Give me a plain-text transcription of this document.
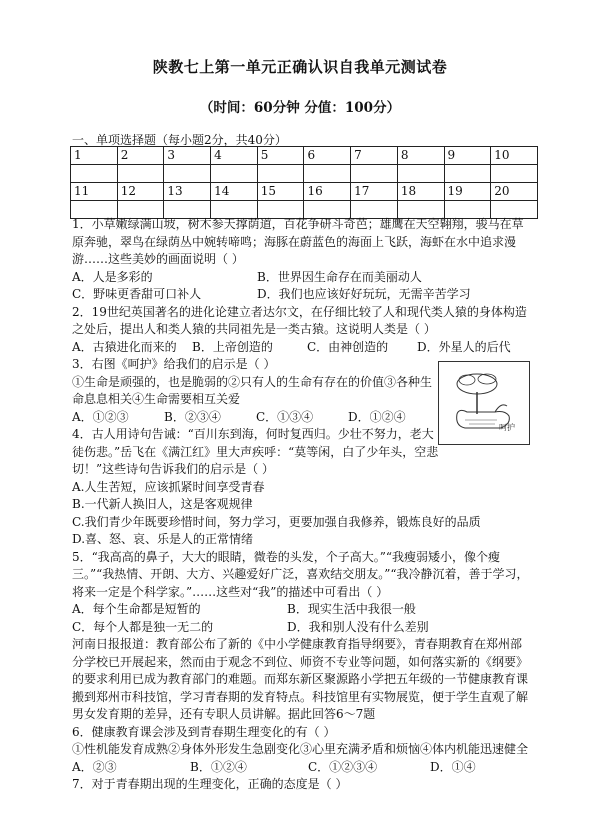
陕教七上第一单元正确认识自我单元测试卷
（时间：60分钟 分值：100分）
一、单项选择题（每小题2分，共40分）
1	2	3	4	5	6	7	8	9	10

11	12	13	14	15	16	17	18	19	20

1．小草嫩绿满山坡，树木参天撑荫道，百花争研斗奇芭；雄鹰在天空翱翔，骏马在草原奔驰，翠鸟在绿荫丛中婉转啼鸣；海豚在蔚蓝色的海面上飞跃，海虾在水中追求漫游……这些美妙的画面说明（ ）

A．人是多彩的	B．世界因生命存在而美丽动人
C．野味更香甜可口补人	D．我们也应该好好玩玩，无需辛苦学习

2．19世纪英国著名的进化论建立者达尔文，在仔细比较了人和现代类人猿的身体构造之处后，提出人和类人猿的共同祖先是一类古猿。这说明人类是（ ）

A．古猿进化而来的	B．上帝创造的	C．由神创造的	D．外星人的后代

3．右图《呵护》给我们的启示是（ ）

①生命是顽强的，也是脆弱的②只有人的生命有存在的价值③各种生命息息相关④生命需要相互关爱

A．①②③	B．②③④	C．①③④	D．①②④

4．古人用诗句告诫：“百川东到海，何时复西归。少壮不努力，老大徒伤悲。”岳飞在《满江红》里大声疾呼：“莫等闲，白了少年头，空悲切！”这些诗句告诉我们的启示是（ ）

呵护

A.人生苦短，应该抓紧时间享受青春

B.一代新人换旧人，这是客观规律

C.我们青少年既要珍惜时间，努力学习，更要加强自我修养，锻炼良好的品质

D.喜、怒、哀、乐是人的正常情绪

5．“我高高的鼻子，大大的眼睛，微卷的头发，个子高大。”“我瘦弱矮小，像个瘦三。”“我热情、开朗、大方、兴趣爱好广泛，喜欢结交朋友。”“我冷静沉着，善于学习，将来一定是个科学家。”……这些对“我”的描述中可看出（ ）

A．每个生命都是短暂的	B．现实生活中我很一般
C．每个人都是独一无二的	D．我和别人没有什么差别

河南日报报道：教育部公布了新的《中小学健康教育指导纲要》，青春期教育在郑州部分学校已开展起来，然而由于观念不到位、师资不专业等问题，如何落实新的《纲要》的要求利用已成为教育部门的难题。而郑东新区聚源路小学把五年级的一节健康教育课搬到郑州市科技馆，学习青春期的发育特点。科技馆里有实物展览，便于学生直观了解男女发育期的差异，还有专职人员讲解。据此回答6～7题

6．健康教育课会涉及到青春期生理变化的有（ ）

①性机能发育成熟②身体外形发生急剧变化③心里充满矛盾和烦恼④体内机能迅速健全

A．②③	B．①②④	C．①②③④	D．①④

7．对于青春期出现的生理变化，正确的态度是（ ）
